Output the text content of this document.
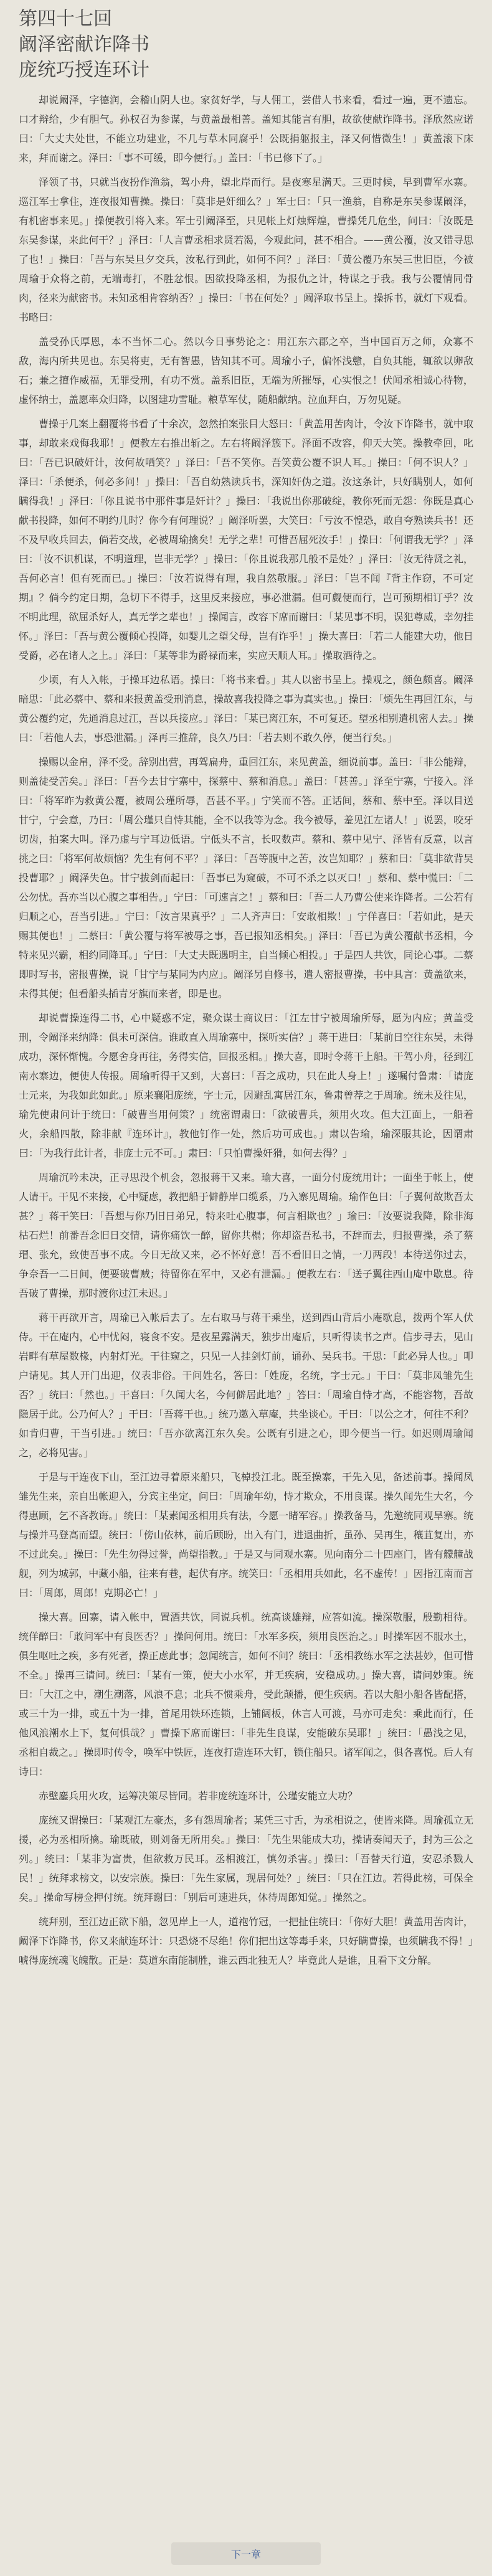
第四十七回
阚泽密献诈降书
庞统巧授连环计

却说阚泽，字德润，会稽山阴人也。家贫好学，与人佣工，尝借人书来看，看过一遍，更不遗忘。口才辩给，少有胆气。孙权召为参谋，与黄盖最相善。盖知其能言有胆，故欲使献诈降书。泽欣然应诺曰：「大丈夫处世，不能立功建业，不几与草木同腐乎！公既捐躯报主，泽又何惜微生！」黄盖滚下床来，拜而谢之。泽曰：「事不可缓，即今便行。」盖曰：「书已修下了。」

泽领了书，只就当夜扮作渔翁，驾小舟，望北岸而行。是夜寒星满天。三更时候，早到曹军水寨。巡江军士拿住，连夜报知曹操。操曰：「莫非是奸细么？」军士曰：「只一渔翁，自称是东吴参谋阚泽，有机密事来见。」操便教引将入来。军士引阚泽至，只见帐上灯烛辉煌，曹操凭几危坐，问曰：「汝既是东吴参谋，来此何干？」泽曰：「人言曹丞相求贤若渴，今观此问，甚不相合。——黄公覆，汝又错寻思了也！」操曰：「吾与东吴旦夕交兵，汝私行到此，如何不问？」泽曰：「黄公覆乃东吴三世旧臣，今被周瑜于众将之前，无端毒打，不胜忿恨。因欲投降丞相，为报仇之计，特谋之于我。我与公覆情同骨肉，径来为献密书。未知丞相肯容纳否？」操曰：「书在何处？」阚泽取书呈上。操拆书，就灯下观看。书略曰：

盖受孙氏厚恩，本不当怀二心。然以今日事势论之：用江东六郡之卒，当中国百万之师，众寡不敌，海内所共见也。东吴将吏，无有智愚，皆知其不可。周瑜小子，偏怀浅戆，自负其能，辄欲以卵敌石；兼之擅作威福，无罪受刑，有功不赏。盖系旧臣，无端为所摧辱，心实恨之！伏闻丞相诚心待物，虚怀纳士，盖愿率众归降，以图建功雪耻。粮草军仗，随船献纳。泣血拜白，万勿见疑。

曹操于几案上翻覆将书看了十余次，忽然拍案张目大怒曰：「黄盖用苦肉计，令汝下诈降书，就中取事，却敢来戏侮我耶！」便教左右推出斩之。左右将阚泽簇下。泽面不改容，仰天大笑。操教牵回，叱曰：「吾已识破奸计，汝何故哂笑？」泽曰：「吾不笑你。吾笑黄公覆不识人耳。」操曰：「何不识人？」泽曰：「杀便杀，何必多问！」操曰：「吾自幼熟读兵书，深知奸伪之道。汝这条计，只好瞒别人，如何瞒得我！」泽曰：「你且说书中那件事是奸计？」操曰：「我说出你那破绽，教你死而无怨：你既是真心献书投降，如何不明约几时？你今有何理说？」阚泽听罢，大笑曰：「亏汝不惶恐，敢自夸熟读兵书！还不及早收兵回去，倘若交战，必被周瑜擒矣！无学之辈！可惜吾屈死汝手！」操曰：「何谓我无学？」泽曰：「汝不识机谋，不明道理，岂非无学？」操曰：「你且说我那几般不是处？」泽曰：「汝无待贤之礼，吾何必言！但有死而已。」操曰：「汝若说得有理，我自然敬服。」泽曰：「岂不闻『背主作窃，不可定期』？倘今约定日期，急切下不得手，这里反来接应，事必泄漏。但可觑便而行，岂可预期相订乎？汝不明此理，欲屈杀好人，真无学之辈也！」操闻言，改容下席而谢曰：「某见事不明，误犯尊威，幸勿挂怀。」泽曰：「吾与黄公覆倾心投降，如婴儿之望父母，岂有诈乎！」操大喜曰：「若二人能建大功，他日受爵，必在诸人之上。」泽曰：「某等非为爵禄而来，实应天顺人耳。」操取酒待之。

少顷，有人入帐，于操耳边私语。操曰：「将书来看。」其人以密书呈上。操观之，颜色颇喜。阚泽暗思：「此必蔡中、蔡和来报黄盖受刑消息，操故喜我投降之事为真实也。」操曰：「烦先生再回江东，与黄公覆约定，先通消息过江，吾以兵接应。」泽曰：「某已离江东，不可复还。望丞相别遣机密人去。」操曰：「若他人去，事恐泄漏。」泽再三推辞，良久乃曰：「若去则不敢久停，便当行矣。」

操赐以金帛，泽不受。辞别出营，再驾扁舟，重回江东，来见黄盖，细说前事。盖曰：「非公能辩，则盖徒受苦矣。」泽曰：「吾今去甘宁寨中，探蔡中、蔡和消息。」盖曰：「甚善。」泽至宁寨，宁接入。泽曰：「将军昨为救黄公覆，被周公瑾所辱，吾甚不平。」宁笑而不答。正话间，蔡和、蔡中至。泽以目送甘宁，宁会意，乃曰：「周公瑾只自恃其能，全不以我等为念。我今被辱，羞见江左诸人！」说罢，咬牙切齿，拍案大叫。泽乃虚与宁耳边低语。宁低头不言，长叹数声。蔡和、蔡中见宁、泽皆有反意，以言挑之曰：「将军何故烦恼？先生有何不平？」泽曰：「吾等腹中之苦，汝岂知耶？」蔡和曰：「莫非欲背吴投曹耶？」阚泽失色。甘宁拔剑而起曰：「吾事已为窥破，不可不杀之以灭口！」蔡和、蔡中慌曰：「二公勿忧。吾亦当以心腹之事相告。」宁曰：「可速言之！」蔡和曰：「吾二人乃曹公使来诈降者。二公若有归顺之心，吾当引进。」宁曰：「汝言果真乎？」二人齐声曰：「安敢相欺！」宁佯喜曰：「若如此，是天赐其便也！」二蔡曰：「黄公覆与将军被辱之事，吾已报知丞相矣。」泽曰：「吾已为黄公覆献书丞相，今特来见兴霸，相约同降耳。」宁曰：「大丈夫既遇明主，自当倾心相投。」于是四人共饮，同论心事。二蔡即时写书，密报曹操，说「甘宁与某同为内应」。阚泽另自修书，遣人密报曹操，书中具言：黄盖欲来，未得其便；但看船头插青牙旗而来者，即是也。

却说曹操连得二书，心中疑惑不定，聚众谋士商议曰：「江左甘宁被周瑜所辱，愿为内应；黄盖受刑，令阚泽来纳降：俱未可深信。谁敢直入周瑜寨中，探听实信？」蒋干进曰：「某前日空往东吴，未得成功，深怀惭愧。今愿舍身再往，务得实信，回报丞相。」操大喜，即时令蒋干上船。干驾小舟，径到江南水寨边，便使人传报。周瑜听得干又到，大喜曰：「吾之成功，只在此人身上！」遂嘱付鲁肃：「请庞士元来，为我如此如此。」原来襄阳庞统，字士元，因避乱寓居江东，鲁肃曾荐之于周瑜。统未及往见，瑜先使肃问计于统曰：「破曹当用何策？」统密谓肃曰：「欲破曹兵，须用火攻。但大江面上，一船着火，余船四散，除非献『连环计』，教他钉作一处，然后功可成也。」肃以告瑜，瑜深服其论，因谓肃曰：「为我行此计者，非庞士元不可。」肃曰：「只怕曹操奸猾，如何去得？」

周瑜沉吟未决，正寻思没个机会，忽报蒋干又来。瑜大喜，一面分付庞统用计；一面坐于帐上，使人请干。干见不来接，心中疑虑，教把船于僻静岸口缆系，乃入寨见周瑜。瑜作色曰：「子翼何故欺吾太甚？」蒋干笑曰：「吾想与你乃旧日弟兄，特来吐心腹事，何言相欺也？」瑜曰：「汝要说我降，除非海枯石烂！前番吾念旧日交情，请你痛饮一醉，留你共榻；你却盗吾私书，不辞而去，归报曹操，杀了蔡瑁、张允，致使吾事不成。今日无故又来，必不怀好意！吾不看旧日之情，一刀两段！本待送你过去，争奈吾一二日间，便要破曹贼；待留你在军中，又必有泄漏。」便教左右：「送子翼往西山庵中歇息。待吾破了曹操，那时渡你过江未迟。」

蒋干再欲开言，周瑜已入帐后去了。左右取马与蒋干乘坐，送到西山背后小庵歇息，拨两个军人伏侍。干在庵内，心中忧闷，寝食不安。是夜星露满天，独步出庵后，只听得读书之声。信步寻去，见山岩畔有草屋数椽，内射灯光。干往窥之，只见一人挂剑灯前，诵孙、吴兵书。干思：「此必异人也。」叩户请见。其人开门出迎，仪表非俗。干问姓名，答曰：「姓庞，名统，字士元。」干曰：「莫非凤雏先生否？」统曰：「然也。」干喜曰：「久闻大名，今何僻居此地？」答曰：「周瑜自恃才高，不能容物，吾故隐居于此。公乃何人？」干曰：「吾蒋干也。」统乃邀入草庵，共坐谈心。干曰：「以公之才，何往不利？如肯归曹，干当引进。」统曰：「吾亦欲离江东久矣。公既有引进之心，即今便当一行。如迟则周瑜闻之，必将见害。」

于是与干连夜下山，至江边寻着原来船只，飞棹投江北。既至操寨，干先入见，备述前事。操闻凤雏先生来，亲自出帐迎入，分宾主坐定，问曰：「周瑜年幼，恃才欺众，不用良谋。操久闻先生大名，今得惠顾，乞不吝教诲。」统曰：「某素闻丞相用兵有法，今愿一睹军容。」操教备马，先邀统同观旱寨。统与操并马登高而望。统曰：「傍山依林，前后顾盼，出入有门，进退曲折，虽孙、吴再生，穰苴复出，亦不过此矣。」操曰：「先生勿得过誉，尚望指教。」于是又与同观水寨。见向南分二十四座门，皆有艨艟战舰，列为城郭，中藏小船，往来有巷，起伏有序。统笑曰：「丞相用兵如此，名不虚传！」因指江南而言曰：「周郎，周郎！克期必亡！」

操大喜。回寨，请入帐中，置酒共饮，同说兵机。统高谈雄辩，应答如流。操深敬服，殷勤相待。统佯醉曰：「敢问军中有良医否？」操问何用。统曰：「水军多疾，须用良医治之。」时操军因不服水土，俱生呕吐之疾，多有死者，操正虑此事；忽闻统言，如何不问？统曰：「丞相教练水军之法甚妙，但可惜不全。」操再三请问。统曰：「某有一策，使大小水军，并无疾病，安稳成功。」操大喜，请问妙策。统曰：「大江之中，潮生潮落，风浪不息；北兵不惯乘舟，受此颠播，便生疾病。若以大船小船各皆配搭，或三十为一排，或五十为一排，首尾用铁环连锁，上铺阔板，休言人可渡，马亦可走矣：乘此而行，任他风浪潮水上下，复何惧哉？」曹操下席而谢曰：「非先生良谋，安能破东吴耶！」统曰：「愚浅之见，丞相自裁之。」操即时传令，唤军中铁匠，连夜打造连环大钉，锁住船只。诸军闻之，俱各喜悦。后人有诗曰：

赤壁鏖兵用火攻，运筹决策尽皆同。若非庞统连环计，公瑾安能立大功？

庞统又谓操曰：「某观江左豪杰，多有怨周瑜者；某凭三寸舌，为丞相说之，使皆来降。周瑜孤立无援，必为丞相所擒。瑜既破，则刘备无所用矣。」操曰：「先生果能成大功，操请奏闻天子，封为三公之列。」统曰：「某非为富贵，但欲救万民耳。丞相渡江，慎勿杀害。」操曰：「吾替天行道，安忍杀戮人民！」统拜求榜文，以安宗族。操曰：「先生家属，现居何处？」统曰：「只在江边。若得此榜，可保全矣。」操命写榜佥押付统。统拜谢曰：「别后可速进兵，休待周郎知觉。」操然之。

统拜别，至江边正欲下船，忽见岸上一人，道袍竹冠，一把扯住统曰：「你好大胆！黄盖用苦肉计，阚泽下诈降书，你又来献连环计：只恐烧不尽绝！你们把出这等毒手来，只好瞒曹操，也须瞒我不得！」唬得庞统魂飞魄散。正是：莫道东南能制胜，谁云西北独无人？毕竟此人是谁，且看下文分解。

下一章
